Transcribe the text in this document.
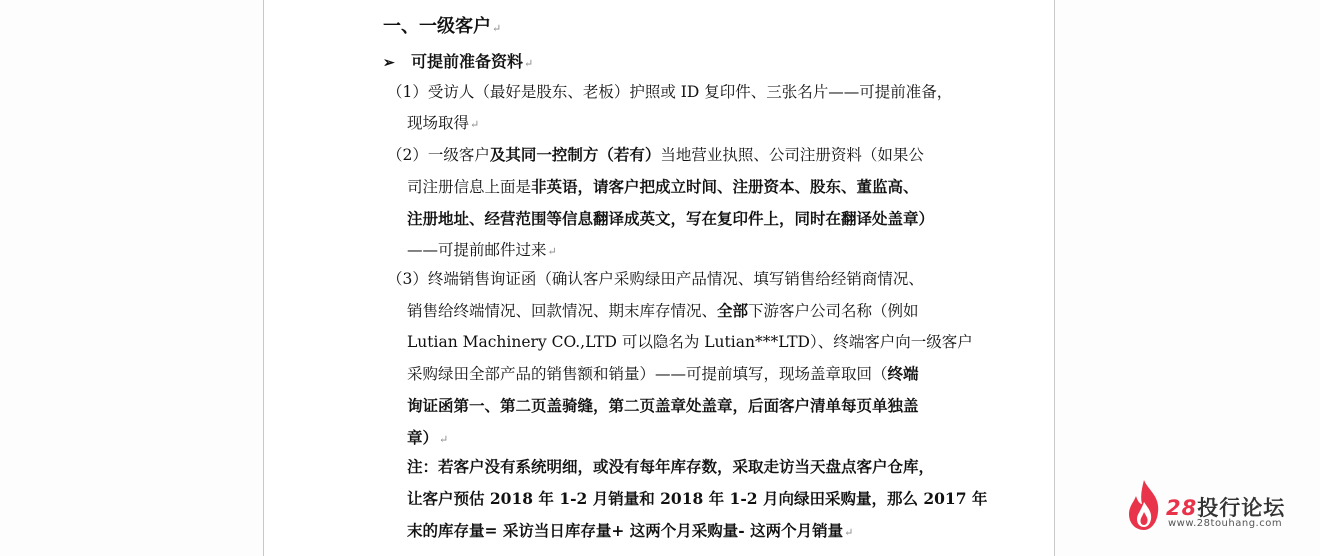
一、一级客户↵
➢ 可提前准备资料↵
（1）受访人（最好是股东、老板）护照或 ID 复印件、三张名片——可提前准备，
现场取得↵
（2）一级客户及其同一控制方（若有）当地营业执照、公司注册资料（如果公
司注册信息上面是非英语，请客户把成立时间、注册资本、股东、董监高、
注册地址、经营范围等信息翻译成英文，写在复印件上，同时在翻译处盖章）
——可提前邮件过来↵
（3）终端销售询证函（确认客户采购绿田产品情况、填写销售给经销商情况、
销售给终端情况、回款情况、期末库存情况、全部下游客户公司名称（例如
Lutian Machinery CO.,LTD 可以隐名为 Lutian***LTD）、终端客户向一级客户
采购绿田全部产品的销售额和销量）——可提前填写，现场盖章取回（终端
询证函第一、第二页盖骑缝，第二页盖章处盖章，后面客户清单每页单独盖
章）↵
注：若客户没有系统明细，或没有每年库存数，采取走访当天盘点客户仓库，
让客户预估 2018 年 1-2 月销量和 2018 年 1-2 月向绿田采购量，那么 2017 年
末的库存量= 采访当日库存量+ 这两个月采购量- 这两个月销量↵
28投行论坛
www.28touhang.com
